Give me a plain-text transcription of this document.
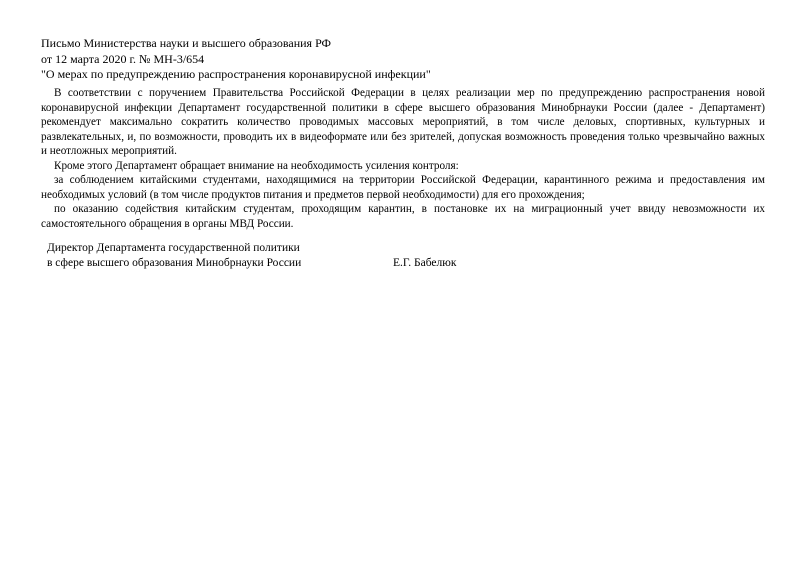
Письмо Министерства науки и высшего образования РФ
от 12 марта 2020 г. № МН-3/654
"О мерах по предупреждению распространения коронавирусной инфекции"

В соответствии с поручением Правительства Российской Федерации в целях реализации мер по предупреждению распространения новой коронавирусной инфекции Департамент государственной политики в сфере высшего образования Минобрнауки России (далее - Департамент) рекомендует максимально сократить количество проводимых массовых мероприятий, в том числе деловых, спортивных, культурных и развлекательных, и, по возможности, проводить их в видеоформате или без зрителей, допуская возможность проведения только чрезвычайно важных и неотложных мероприятий.

Кроме этого Департамент обращает внимание на необходимость усиления контроля:

за соблюдением китайскими студентами, находящимися на территории Российской Федерации, карантинного режима и предоставления им необходимых условий (в том числе продуктов питания и предметов первой необходимости) для его прохождения;

по оказанию содействия китайским студентам, проходящим карантин, в постановке их на миграционный учет ввиду невозможности их самостоятельного обращения в органы МВД России.

Директор Департамента государственной политики
в сфере высшего образования Минобрнауки России	Е.Г. Бабелюк
